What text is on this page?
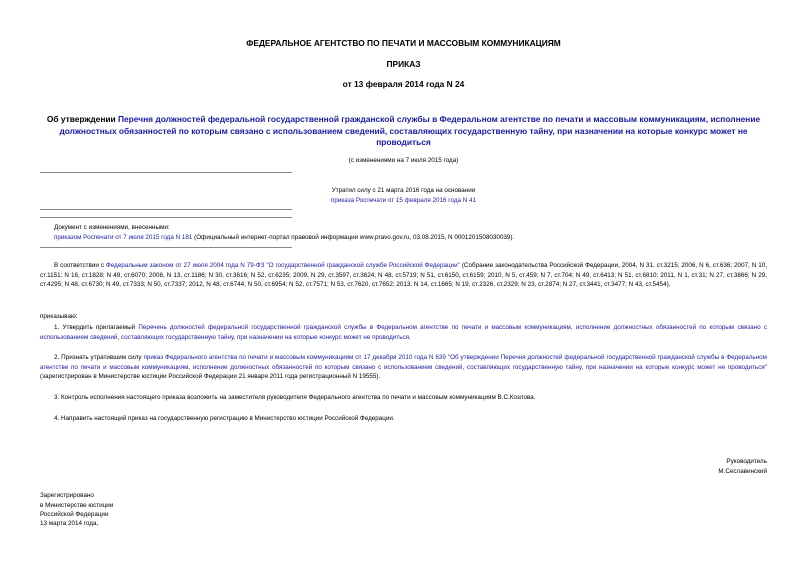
ФЕДЕРАЛЬНОЕ АГЕНТСТВО ПО ПЕЧАТИ И МАССОВЫМ КОММУНИКАЦИЯМ
ПРИКАЗ
от 13 февраля 2014 года N 24
Об утверждении Перечня должностей федеральной государственной гражданской службы в Федеральном агентстве по печати и массовым коммуникациям, исполнение должностных обязанностей по которым связано с использованием сведений, составляющих государственную тайну, при назначении на которые конкурс может не проводиться
(с изменениями на 7 июля 2015 года)
Утратил силу с 21 марта 2016 года на основании
приказа Роспечати от 15 февраля 2016 года N 41
Документ с изменениями, внесенными:
приказом Роспечати от 7 июля 2015 года N 181 (Официальный интернет-портал правовой информации www.pravo.gov.ru, 03.08.2015, N 0001201508030039).
В соответствии с Федеральным законом от 27 июля 2004 года N 79-ФЗ "О государственной гражданской службе Российской Федерации" (Собрание законодательства Российской Федерации, 2004, N 31, ст.3215; 2006, N 6, ст.636; 2007, N 10, ст.1151; N 16, ст.1828; N 49, ст.6070; 2008, N 13, ст.1186; N 30, ст.3616; N 52, ст.6235; 2009, N 29, ст.3597, ст.3624; N 48, ст.5719; N 51, ст.6150, ст.6159; 2010, N 5, ст.459; N 7, ст.704; N 49, ст.6413; N 51, ст.6810; 2011, N 1, ст.31; N 27, ст.3866; N 29, ст.4295; N 48, ст.6730; N 49, ст.7333; N 50, ст.7337; 2012, N 48, ст.6744; N 50, ст.6954; N 52, ст.7571; N 53, ст.7620, ст.7652; 2013, N 14, ст.1665; N 19, ст.2326, ст.2329; N 23, ст.2874; N 27, ст.3441, ст.3477; N 43, ст.5454),
приказываю:
1. Утвердить прилагаемый Перечень должностей федеральной государственной гражданской службы в Федеральном агентстве по печати и массовым коммуникациям, исполнение должностных обязанностей по которым связано с использованием сведений, составляющих государственную тайну, при назначении на которые конкурс может не проводиться.
2. Признать утратившим силу приказ Федерального агентства по печати и массовым коммуникациям от 17 декабря 2010 года N 639 "Об утверждении Перечня должностей федеральной государственной гражданской службы в Федеральном агентстве по печати и массовым коммуникациям, исполнение должностных обязанностей по которым связано с использованием сведений, составляющих государственную тайну, при назначении на которые конкурс может не проводиться" (зарегистрирован в Министерстве юстиции Российской Федерации 21 января 2011 года регистрационный N 19555).
3. Контроль исполнения настоящего приказа возложить на заместителя руководителя Федерального агентства по печати и массовым коммуникациям В.С.Козлова.
4. Направить настоящий приказ на государственную регистрацию в Министерство юстиции Российской Федерации.
Руководитель
М.Сеславинский
Зарегистрировано
в Министерстве юстиции
Российской Федерации
13 марта 2014 года,
